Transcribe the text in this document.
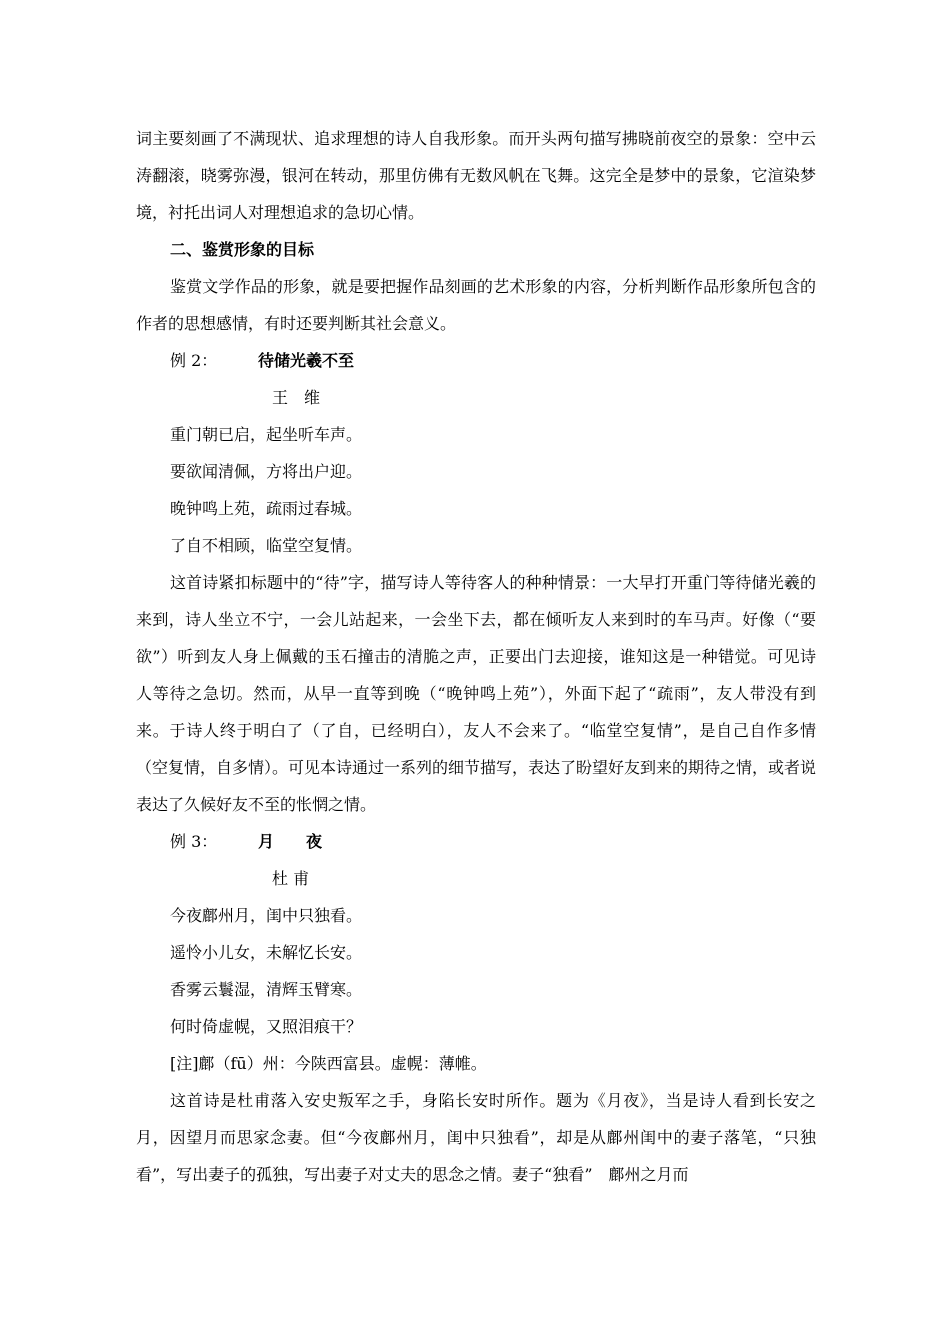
词主要刻画了不满现状、追求理想的诗人自我形象。而开头两句描写拂晓前夜空的景象：空中云涛翻滚，晓雾弥漫，银河在转动，那里仿佛有无数风帆在飞舞。这完全是梦中的景象，它渲染梦境，衬托出词人对理想追求的急切心情。

二、鉴赏形象的目标

鉴赏文学作品的形象，就是要把握作品刻画的艺术形象的内容，分析判断作品形象所包含的作者的思想感情，有时还要判断其社会意义。

例 2：	待储光羲不至
王　维
重门朝已启，起坐听车声。
要欲闻清佩，方将出户迎。
晚钟鸣上苑，疏雨过春城。
了自不相顾，临堂空复情。

这首诗紧扣标题中的“待”字，描写诗人等待客人的种种情景：一大早打开重门等待储光羲的来到，诗人坐立不宁，一会儿站起来，一会坐下去，都在倾听友人来到时的车马声。好像（“要欲”）听到友人身上佩戴的玉石撞击的清脆之声，正要出门去迎接，谁知这是一种错觉。可见诗人等待之急切。然而，从早一直等到晚（“晚钟鸣上苑”），外面下起了“疏雨”，友人带没有到来。于诗人终于明白了（了自，已经明白），友人不会来了。“临堂空复情”，是自己自作多情（空复情，自多情）。可见本诗通过一系列的细节描写，表达了盼望好友到来的期待之情，或者说表达了久候好友不至的怅惘之情。

例 3：	月　　夜
杜 甫
今夜鄜州月，闺中只独看。
遥怜小儿女，未解忆长安。
香雾云鬟湿，清辉玉臂寒。
何时倚虚幌，又照泪痕干？
[注]鄜（fū）州：今陕西富县。虚幌：薄帷。

这首诗是杜甫落入安史叛军之手，身陷长安时所作。题为《月夜》，当是诗人看到长安之月，因望月而思家念妻。但“今夜鄜州月，闺中只独看”，却是从鄜州闺中的妻子落笔，“只独看”，写出妻子的孤独，写出妻子对丈夫的思念之情。妻子“独看”　鄜州之月而
